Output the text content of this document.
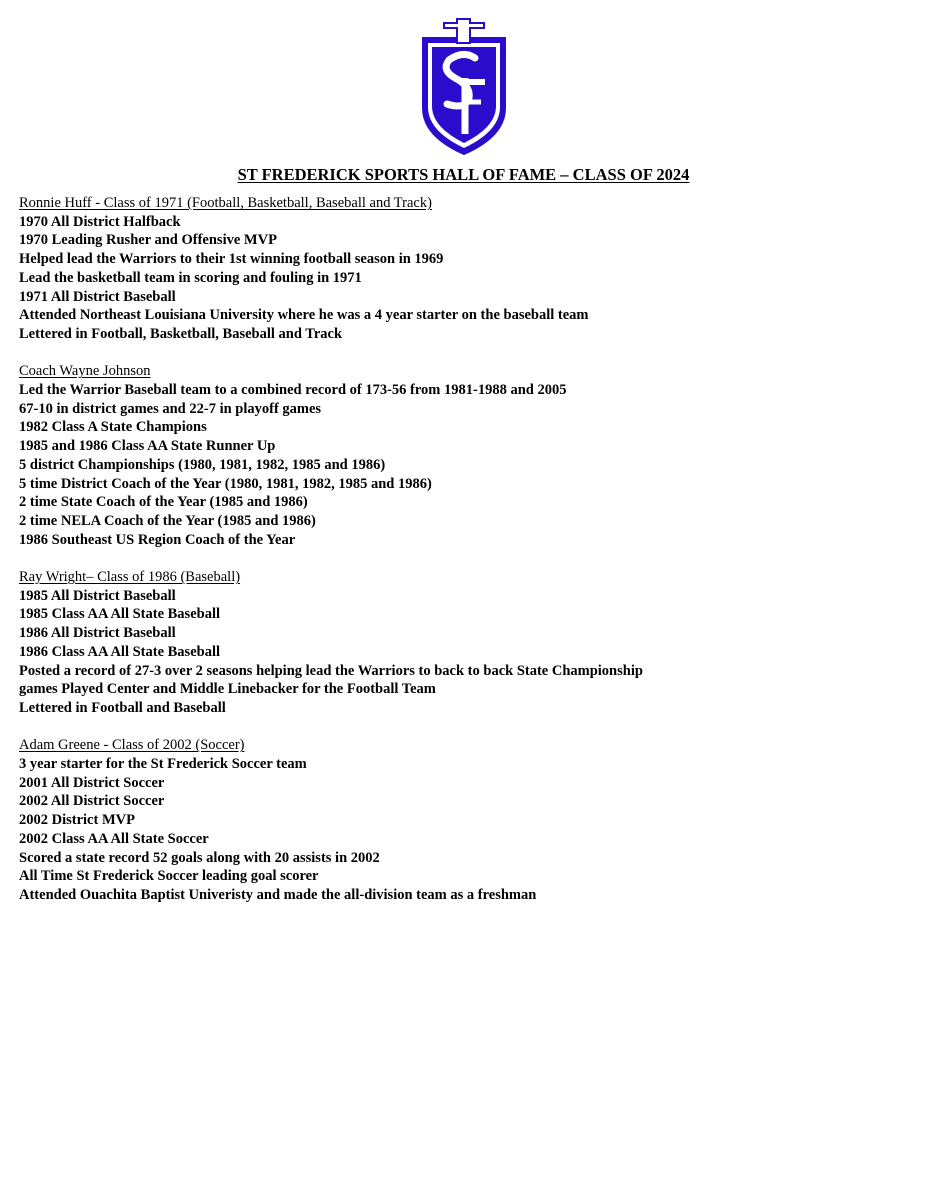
ST FREDERICK SPORTS HALL OF FAME – CLASS OF 2024

Ronnie Huff - Class of 1971 (Football, Basketball, Baseball and Track)

1970 All District Halfback

1970 Leading Rusher and Offensive MVP

Helped lead the Warriors to their 1st winning football season in 1969

Lead the basketball team in scoring and fouling in 1971

1971 All District Baseball

Attended Northeast Louisiana University where he was a 4 year starter on the baseball team

Lettered in Football, Basketball, Baseball and Track

Coach Wayne Johnson

Led the Warrior Baseball team to a combined record of 173-56 from 1981-1988 and 2005

67-10 in district games and 22-7 in playoff games

1982 Class A State Champions

1985 and 1986 Class AA State Runner Up

5 district Championships (1980, 1981, 1982, 1985 and 1986)

5 time District Coach of the Year (1980, 1981, 1982, 1985 and 1986)

2 time State Coach of the Year (1985 and 1986)

2 time NELA Coach of the Year (1985 and 1986)

1986 Southeast US Region Coach of the Year

Ray Wright– Class of 1986 (Baseball)

1985 All District Baseball

1985 Class AA All State Baseball

1986 All District Baseball

1986 Class AA All State Baseball

Posted a record of 27-3 over 2 seasons helping lead the Warriors to back to back State Championship

games Played Center and Middle Linebacker for the Football Team

Lettered in Football and Baseball

Adam Greene - Class of 2002 (Soccer)

3 year starter for the St Frederick Soccer team

2001 All District Soccer

2002 All District Soccer

2002 District MVP

2002 Class AA All State Soccer

Scored a state record 52 goals along with 20 assists in 2002

All Time St Frederick Soccer leading goal scorer

Attended Ouachita Baptist Univeristy and made the all-division team as a freshman
